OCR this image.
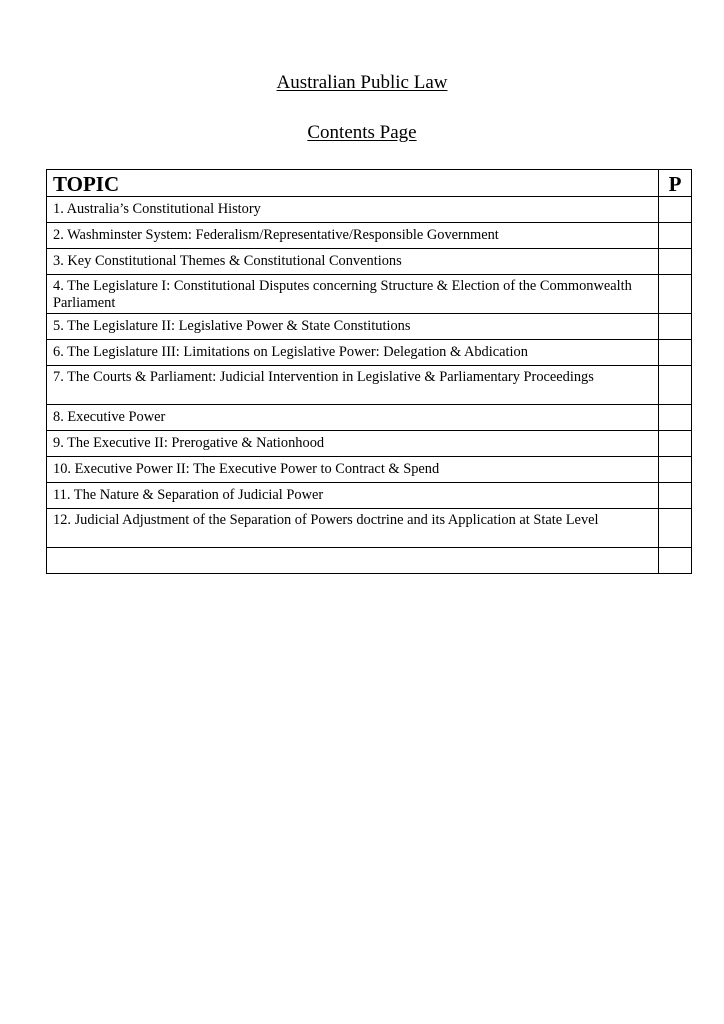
Australian Public Law
Contents Page
TOPIC	P
1. Australia’s Constitutional History	
2. Washminster System: Federalism/Representative/Responsible Government	
3. Key Constitutional Themes & Constitutional Conventions	
4. The Legislature I: Constitutional Disputes concerning Structure & Election of the Commonwealth Parliament	
5. The Legislature II: Legislative Power & State Constitutions	
6. The Legislature III: Limitations on Legislative Power: Delegation & Abdication	
7. The Courts & Parliament: Judicial Intervention in Legislative & Parliamentary Proceedings	
8. Executive Power	
9. The Executive II: Prerogative & Nationhood	
10. Executive Power II: The Executive Power to Contract & Spend	
11. The Nature & Separation of Judicial Power	
12. Judicial Adjustment of the Separation of Powers doctrine and its Application at State Level	
